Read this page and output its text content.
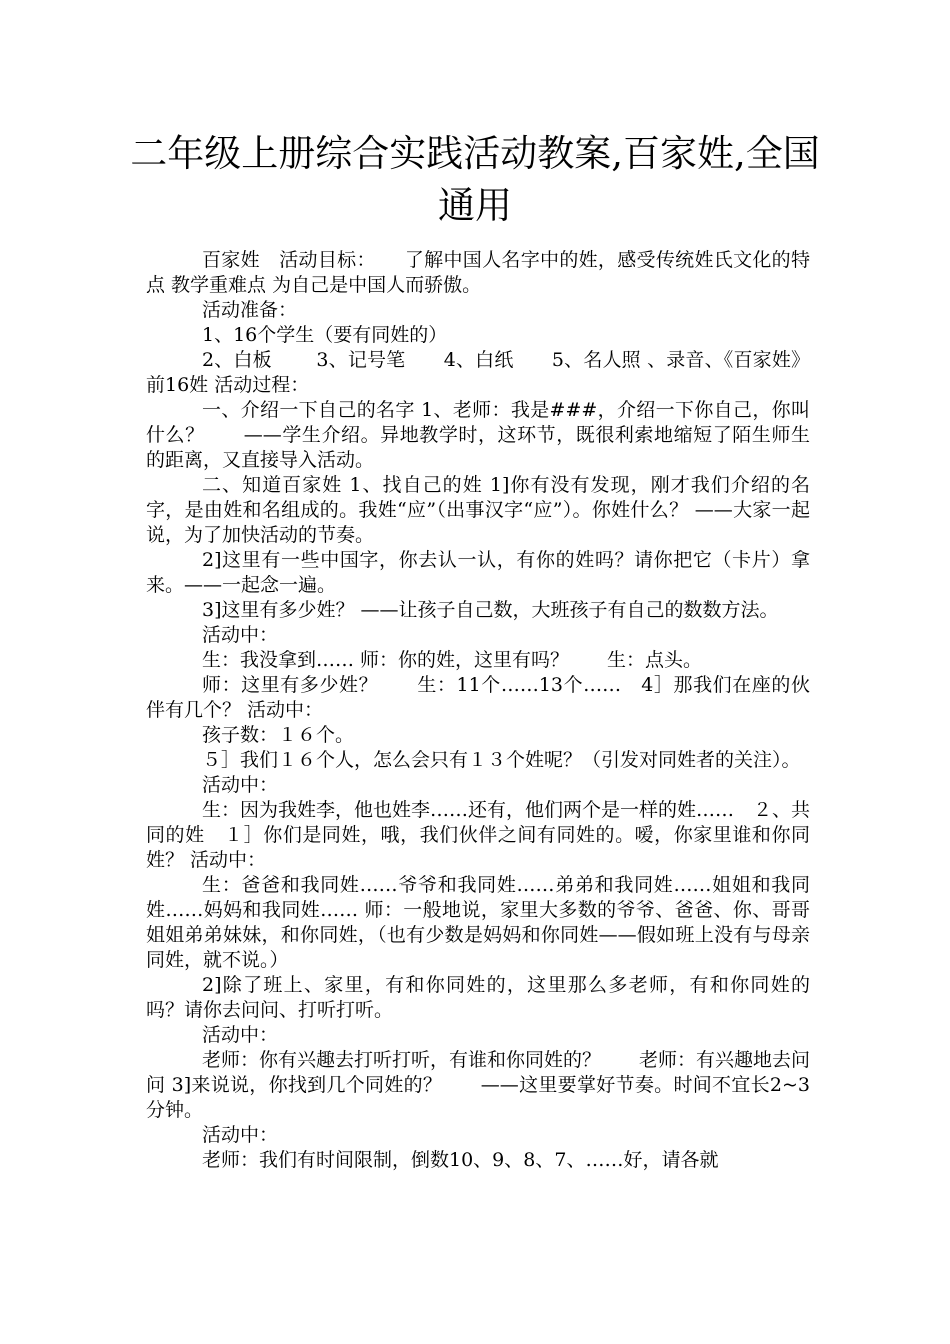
二年级上册综合实践活动教案,百家姓,全国通用

百家姓　活动目标：　　了解中国人名字中的姓，感受传统姓氏文化的特点 教学重难点 为自己是中国人而骄傲。

活动准备：

1、16个学生（要有同姓的）

2、白板　　 3、记号笔　　4、白纸　　5、名人照 、录音、《百家姓》前16姓 活动过程：

一、介绍一下自己的名字 1、老师：我是###，介绍一下你自己，你叫什么？　　——学生介绍。异地教学时，这环节，既很利索地缩短了陌生师生的距离，又直接导入活动。

二、知道百家姓 1、找自己的姓 1]你有没有发现，刚才我们介绍的名字，是由姓和名组成的。我姓“应”（出事汉字“应”）。你姓什么？ ——大家一起说，为了加快活动的节奏。

2]这里有一些中国字，你去认一认，有你的姓吗？请你把它（卡片）拿来。——一起念一遍。

3]这里有多少姓？ ——让孩子自己数，大班孩子有自己的数数方法。

活动中：

生：我没拿到…… 师：你的姓，这里有吗？　　生：点头。

师：这里有多少姓？　　生：11个……13个……　4］那我们在座的伙伴有几个？ 活动中：

孩子数：１６个。

５］我们１６个人，怎么会只有１３个姓呢？（引发对同姓者的关注）。

活动中：

生：因为我姓李，他也姓李……还有，他们两个是一样的姓……　２、共同的姓　１］你们是同姓，哦，我们伙伴之间有同姓的。嗳，你家里谁和你同姓？ 活动中：

生：爸爸和我同姓……爷爷和我同姓……弟弟和我同姓……姐姐和我同姓……妈妈和我同姓…… 师：一般地说，家里大多数的爷爷、爸爸、你、哥哥姐姐弟弟妹妹，和你同姓，（也有少数是妈妈和你同姓——假如班上没有与母亲同姓，就不说。）

2]除了班上、家里，有和你同姓的，这里那么多老师，有和你同姓的吗？请你去问问、打听打听。

活动中：

老师：你有兴趣去打听打听，有谁和你同姓的？　　老师：有兴趣地去问问 3]来说说，你找到几个同姓的？　　——这里要掌好节奏。时间不宜长2~3分钟。

活动中：

老师：我们有时间限制，倒数10、9、8、7、……好，请各就
